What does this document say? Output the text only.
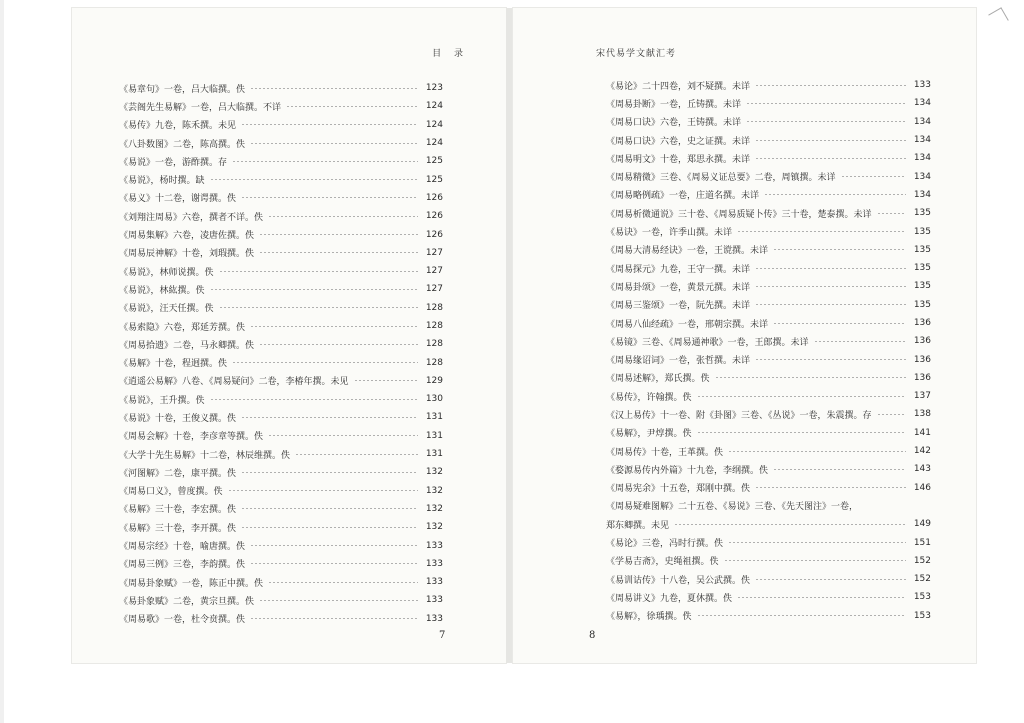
目 录
《易章句》一卷，吕大临撰。佚	123
《芸阁先生易解》一卷，吕大临撰。不详	124
《易传》九卷，陈禾撰。未见	124
《八卦数图》二卷，陈高撰。佚	124
《易说》一卷，游酢撰。存	125
《易说》，杨时撰。缺	125
《易义》十二卷，谢谔撰。佚	126
《刘翔注周易》六卷，撰者不详。佚	126
《周易集解》六卷，凌唐佐撰。佚	126
《周易辰神解》十卷，刘瑕撰。佚	127
《易说》，林师说撰。佚	127
《易说》，林紘撰。佚	127
《易说》，汪天任撰。佚	128
《易索隐》六卷，郑延芳撰。佚	128
《周易拾遗》二卷，马永卿撰。佚	128
《易解》十卷，程迥撰。佚	128
《逍遥公易解》八卷、《周易疑问》二卷，李椿年撰。未见	129
《易说》，王升撰。佚	130
《易说》十卷，王俊义撰。佚	131
《周易会解》十卷，李彦章等撰。佚	131
《大学十先生易解》十二卷，林辰维撰。佚	131
《河图解》二卷，康平撰。佚	132
《周易口义》，曾度撰。佚	132
《易解》三十卷，李宏撰。佚	132
《易解》三十卷，李开撰。佚	132
《周易宗经》十卷，喻唐撰。佚	133
《周易三例》三卷，李韵撰。佚	133
《周易卦象赋》一卷，陈正中撰。佚	133
《易卦象赋》二卷，黄宗旦撰。佚	133
《周易歌》一卷，杜令贲撰。佚	133
7
宋代易学文献汇考
《易论》二十四卷，刘不疑撰。未详	133
《周易卦断》一卷，丘铸撰。未详	134
《周易口诀》六卷，王铸撰。未详	134
《周易口诀》六卷，史之证撰。未详	134
《周易明文》十卷，郑思永撰。未详	134
《周易精微》三卷、《周易义证总要》二卷，周镇撰。未详	134
《周易略例疏》一卷，庄道名撰。未详	134
《周易析微通说》三十卷、《周易质疑卜传》三十卷，楚泰撰。未详	135
《易诀》一卷，许季山撰。未详	135
《周易大清易经诀》一卷，王谠撰。未详	135
《周易探元》九卷，王守一撰。未详	135
《周易卦颂》一卷，黄景元撰。未详	135
《周易三鉴颂》一卷，阮先撰。未详	135
《周易八仙经疏》一卷，邢朝宗撰。未详	136
《易镜》三卷、《周易通神歌》一卷，王郎撰。未详	136
《周易缘诏词》一卷，张哲撰。未详	136
《周易述解》，郑氏撰。佚	136
《易传》，许翰撰。佚	137
《汉上易传》十一卷、附《卦图》三卷、《丛说》一卷，朱震撰。存	138
《易解》，尹焞撰。佚	141
《周易传》十卷，王革撰。佚	142
《婺源易传内外篇》十九卷，李纲撰。佚	143
《周易宪余》十五卷，郑刚中撰。佚	146
《周易疑难图解》二十五卷、《易说》三卷、《先天图注》一卷，
郑东卿撰。未见	149
《易论》三卷，冯时行撰。佚	151
《学易吉斋》，史绳祖撰。佚	152
《易训诂传》十八卷，吴公武撰。佚	152
《周易讲义》九卷，夏休撰。佚	153
《易解》，徐瑀撰。佚	153
8
